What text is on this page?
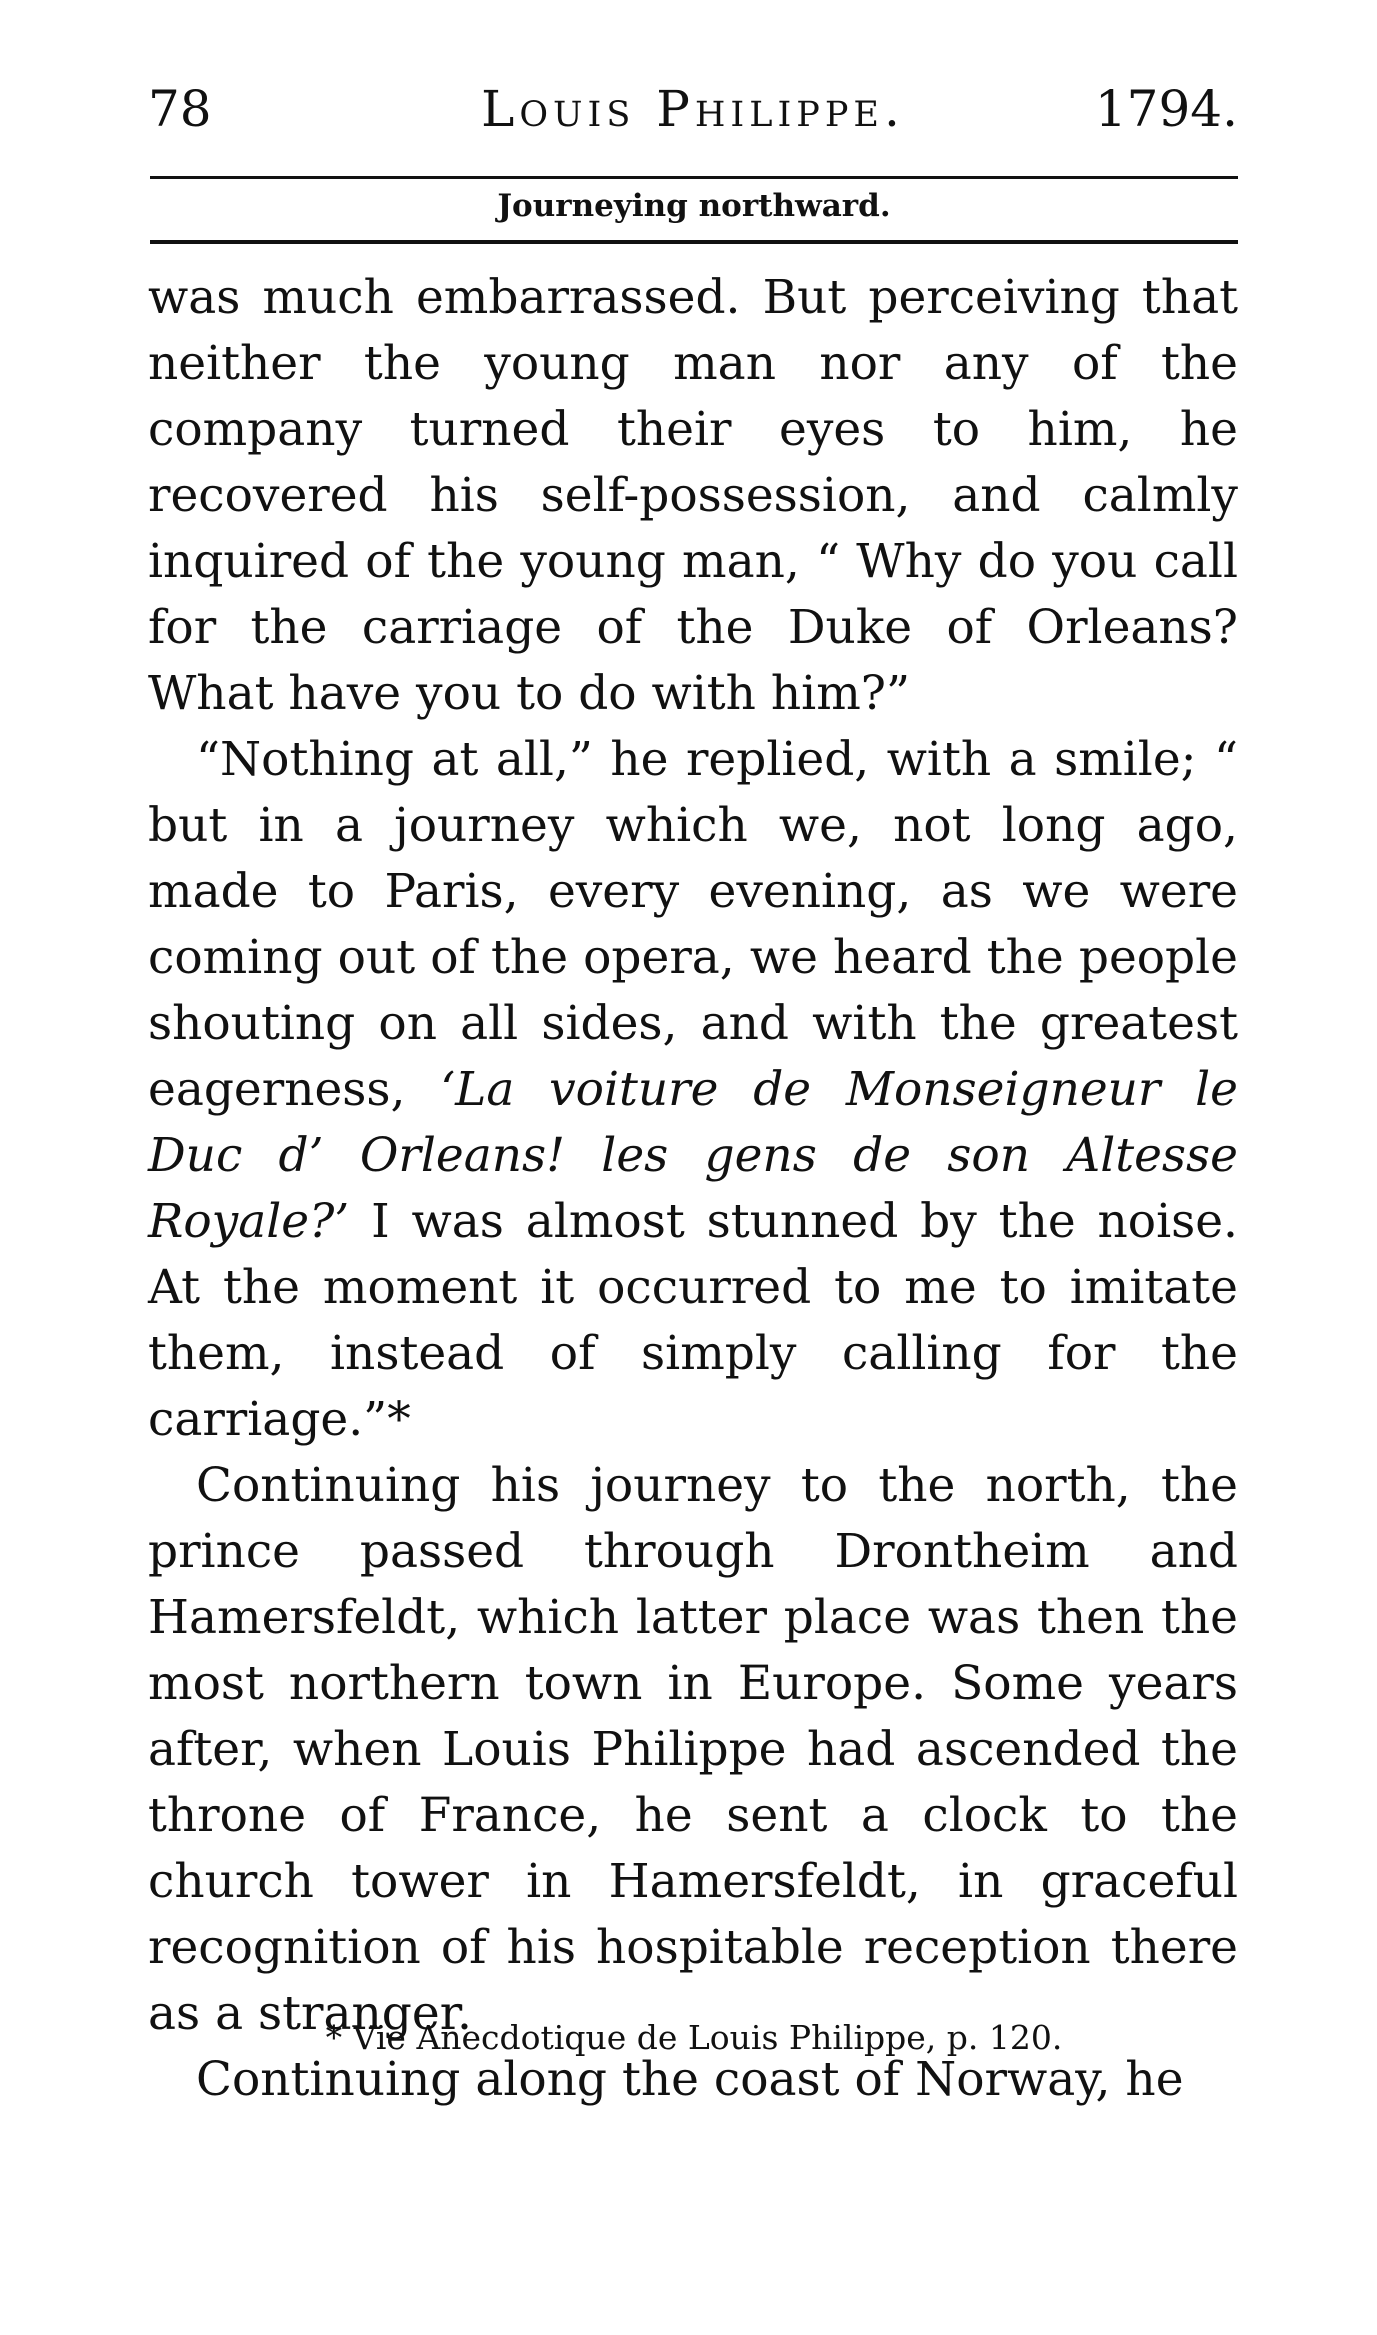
78	Louis Philippe.	1794.
Journeying northward.

was much embarrassed. But perceiving that neither the young man nor any of the company turned their eyes to him, he recovered his self-possession, and calmly inquired of the young man, “ Why do you call for the carriage of the Duke of Orleans? What have you to do with him?”

“Nothing at all,” he replied, with a smile; “ but in a journey which we, not long ago, made to Paris, every evening, as we were coming out of the opera, we heard the people shouting on all sides, and with the greatest eagerness, ‘La voiture de Monseigneur le Duc d’ Orleans! les gens de son Altesse Royale?’ I was almost stunned by the noise. At the moment it occurred to me to imitate them, instead of simply calling for the carriage.”*

Continuing his journey to the north, the prince passed through Drontheim and Hamersfeldt, which latter place was then the most northern town in Europe. Some years after, when Louis Philippe had ascended the throne of France, he sent a clock to the church tower in Hamersfeldt, in graceful recognition of his hospitable reception there as a stranger.

Continuing along the coast of Norway, he

* Vie Anecdotique de Louis Philippe, p. 120.
